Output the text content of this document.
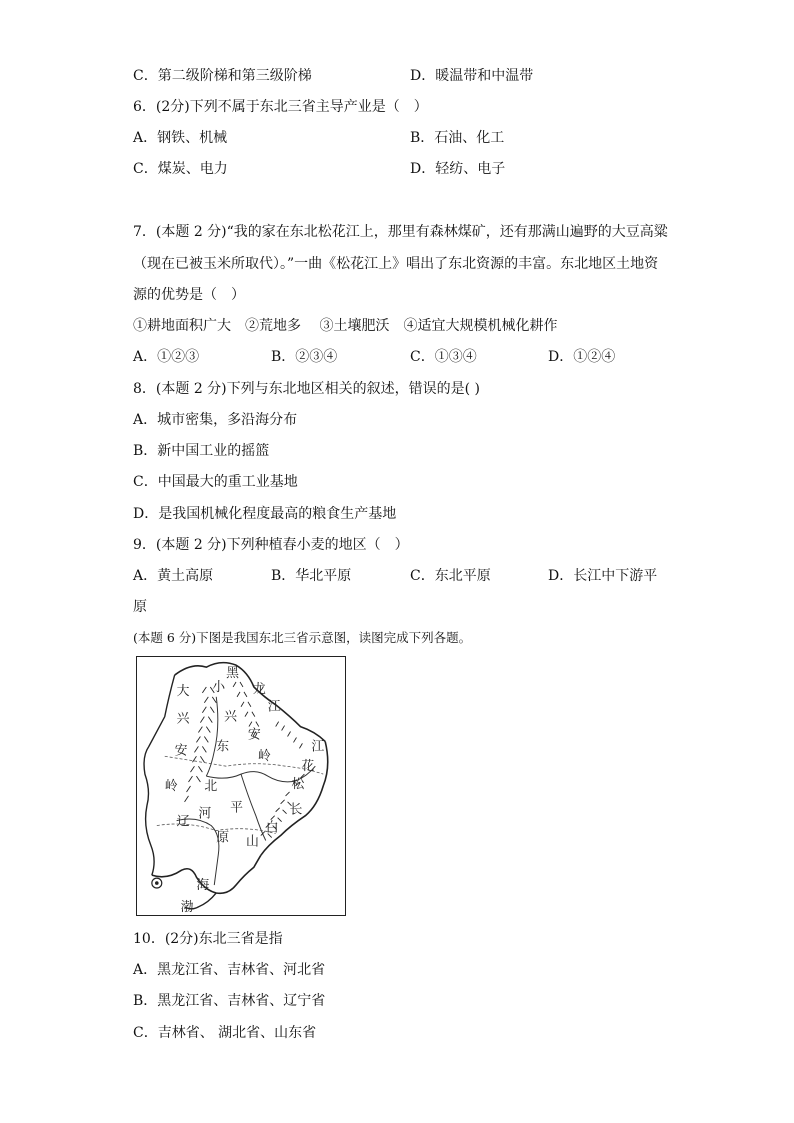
C．第二级阶梯和第三级阶梯	D．暖温带和中温带
6．(2分)下列不属于东北三省主导产业是（　）
A．钢铁、机械	B．石油、化工
C．煤炭、电力	D．轻纺、电子
7．(本题 2 分)“我的家在东北松花江上，那里有森林煤矿，还有那满山遍野的大豆高粱
（现在已被玉米所取代）。”一曲《松花江上》唱出了东北资源的丰富。东北地区土地资
源的优势是（　）
①耕地面积广大　②荒地多　 ③土壤肥沃　④适宜大规模机械化耕作
A．①②③	B．②③④	C．①③④	D．①②④
8．(本题 2 分)下列与东北地区相关的叙述，错误的是( )
A．城市密集，多沿海分布
B．新中国工业的摇篮
C．中国最大的重工业基地
D．是我国机械化程度最高的粮食生产基地
9．(本题 2 分)下列种植春小麦的地区（　）
A．黄土高原	B．华北平原	C．东北平原	D．长江中下游平
原
(本题 6 分)下图是我国东北三省示意图，读图完成下列各题。
黑
龙
江
大
兴
安
岭
小
兴
安
岭
东
北
平
原
辽
河
江
花
松
长
白
山
海
渤
10．(2分)东北三省是指
A．黑龙江省、吉林省、河北省
B．黑龙江省、吉林省、辽宁省
C．吉林省、 湖北省、山东省
